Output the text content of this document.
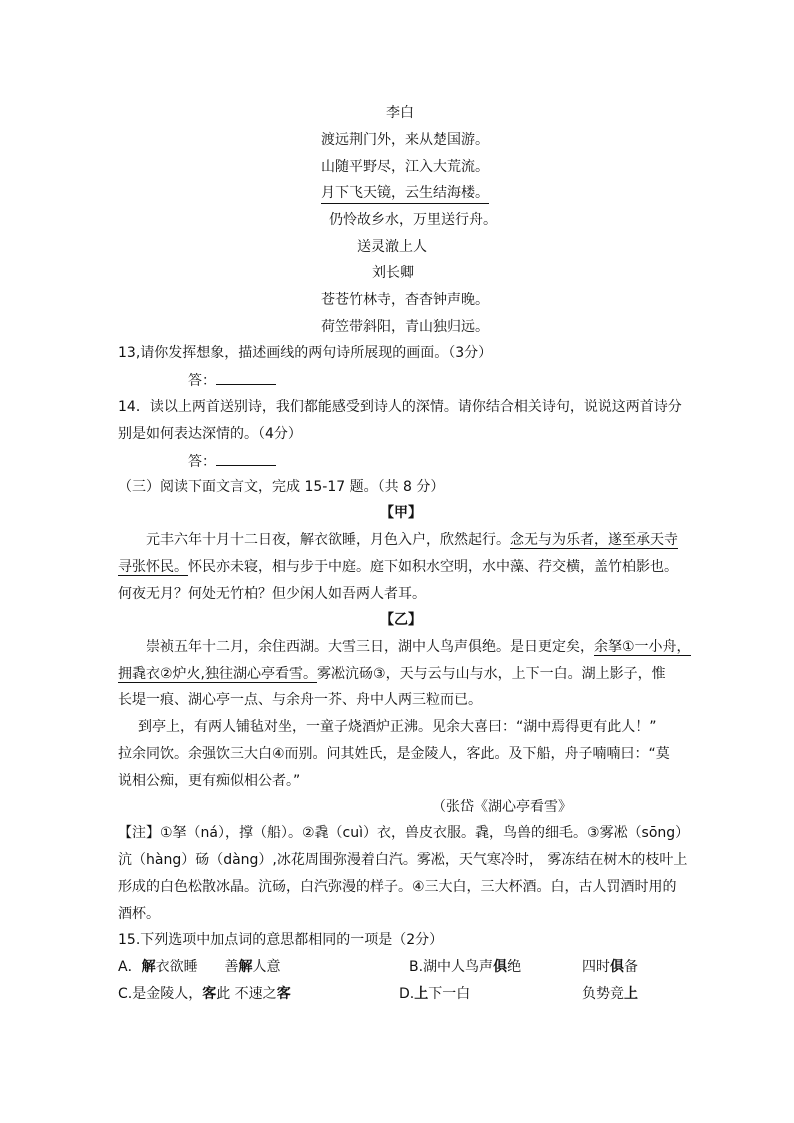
李白
渡远荆门外，来从楚国游。
山随平野尽，江入大荒流。
月下飞天镜，云生结海楼。
仍怜故乡水，万里送行舟。
送灵澈上人
刘长卿
苍苍竹林寺，杳杳钟声晚。
荷笠带斜阳，青山独归远。
13,请你发挥想象，描述画线的两句诗所展现的画面。（3分）
答：
14．读以上两首送别诗，我们都能感受到诗人的深情。请你结合相关诗句，说说这两首诗分
别是如何表达深情的。（4分）
答：
（三）阅读下面文言文，完成 15-17 题。（共 8 分）
【甲】
元丰六年十月十二日夜，解衣欲睡，月色入户，欣然起行。念无与为乐者，遂至承天寺
寻张怀民。怀民亦未寝，相与步于中庭。庭下如积水空明，水中藻、荇交横，盖竹柏影也。
何夜无月？何处无竹柏？但少闲人如吾两人者耳。
【乙】
崇祯五年十二月，余住西湖。大雪三日，湖中人鸟声俱绝。是日更定矣，余拏①一小舟，
拥毳衣②炉火,独往湖心亭看雪。雾凇沆砀③，天与云与山与水，上下一白。湖上影子，惟
长堤一痕、湖心亭一点、与余舟一芥、舟中人两三粒而已。
到亭上，有两人铺毡对坐，一童子烧酒炉正沸。见余大喜曰：“湖中焉得更有此人！”
拉余同饮。余强饮三大白④而别。问其姓氏，是金陵人，客此。及下船，舟子喃喃曰：“莫
说相公痴，更有痴似相公者。”
（张岱《湖心亭看雪》
【注】①拏（ná），撑（船）。②毳（cuì）衣，兽皮衣服。毳，鸟兽的细毛。③雾凇（sōng）
沆（hàng）砀（dàng）,冰花周围弥漫着白汽。雾凇，天气寒冷时， 雾冻结在树木的枝叶上
形成的白色松散冰晶。沆砀，白汽弥漫的样子。④三大白，三大杯酒。白，古人罚酒时用的
酒杯。
15.下列选项中加点词的意思都相同的一项是（2分）
A．解衣欲睡 善解人意	B.湖中人鸟声俱绝	四时俱备
C.是金陵人，客此 不速之客	D.上下一白	负势竞上
